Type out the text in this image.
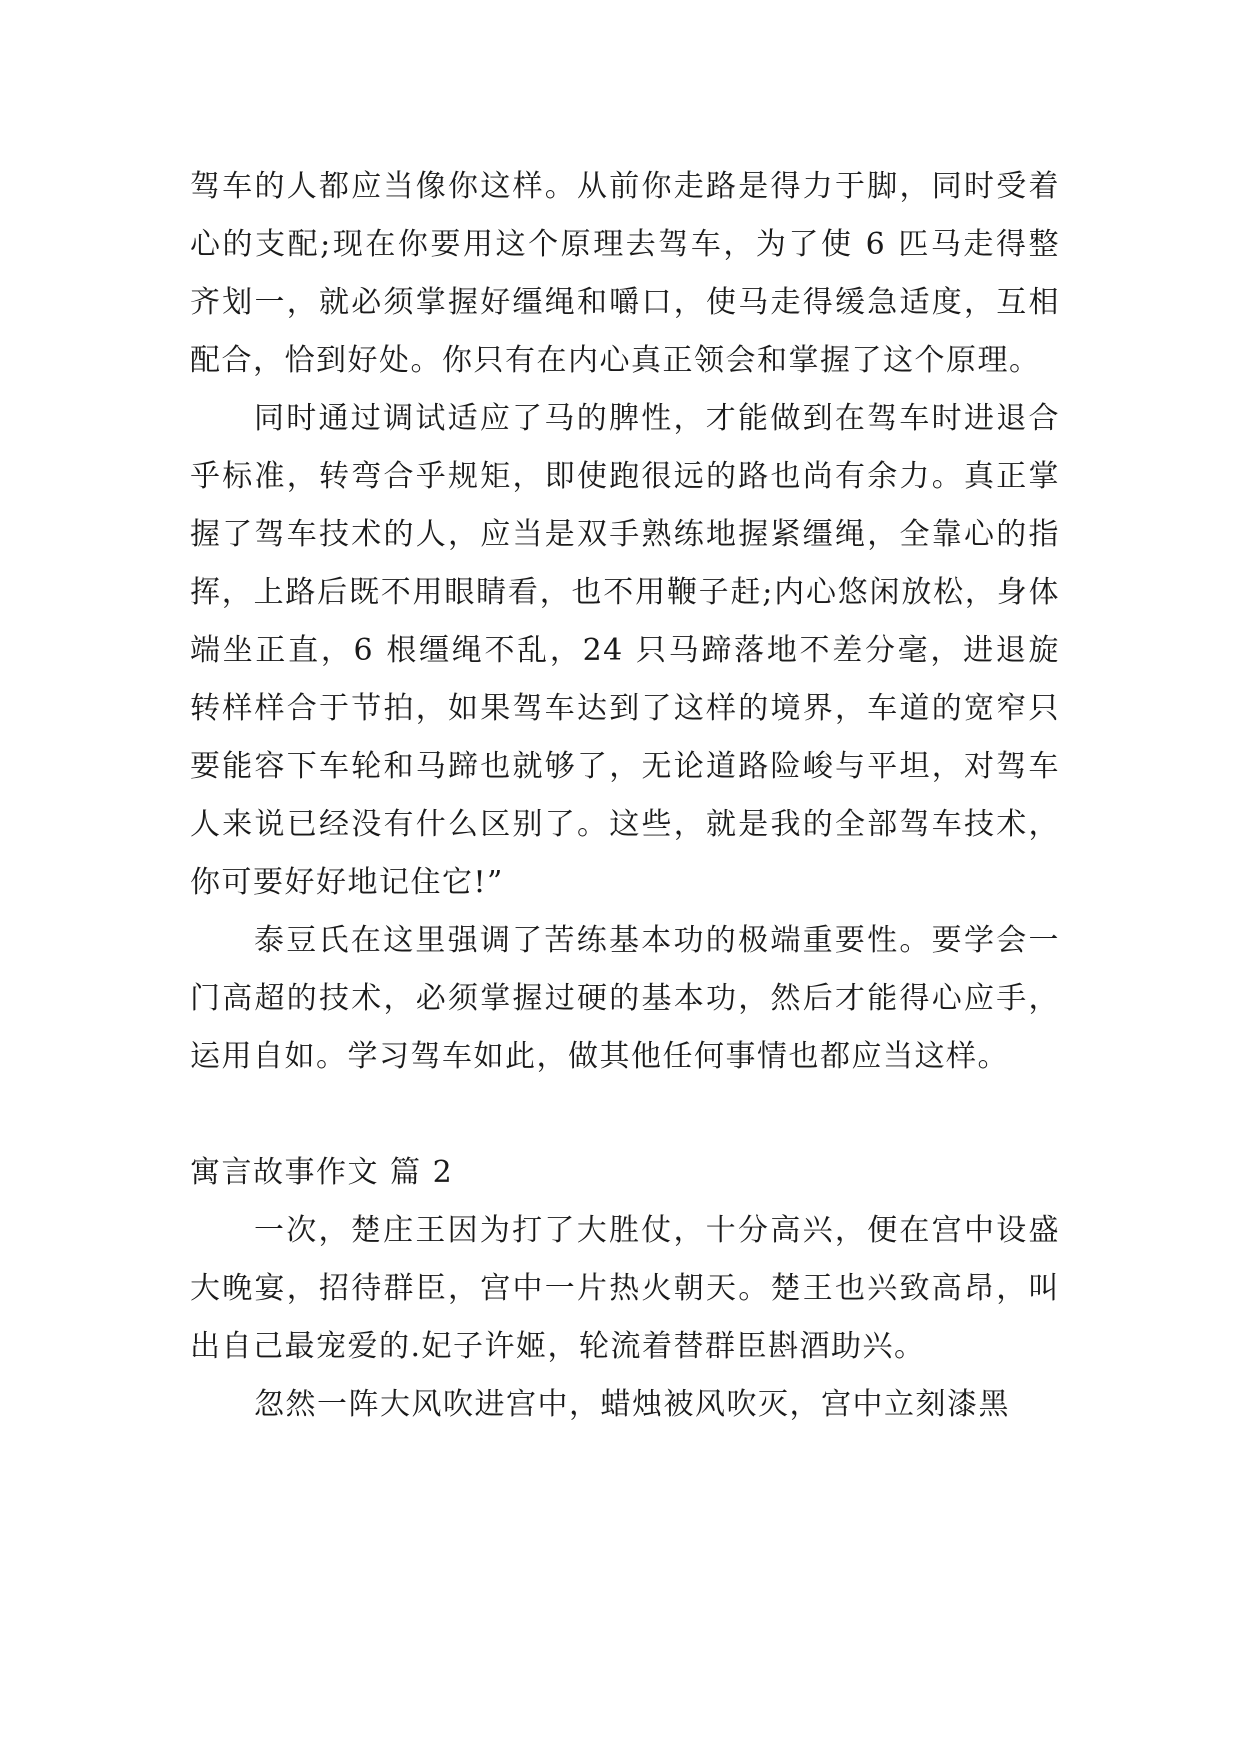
驾车的人都应当像你这样。从前你走路是得力于脚，同时受着心的支配;现在你要用这个原理去驾车，为了使 6 匹马走得整齐划一，就必须掌握好缰绳和嚼口，使马走得缓急适度，互相配合，恰到好处。你只有在内心真正领会和掌握了这个原理。

同时通过调试适应了马的脾性，才能做到在驾车时进退合乎标准，转弯合乎规矩，即使跑很远的路也尚有余力。真正掌握了驾车技术的人，应当是双手熟练地握紧缰绳，全靠心的指挥，上路后既不用眼睛看，也不用鞭子赶;内心悠闲放松，身体端坐正直，6 根缰绳不乱，24 只马蹄落地不差分毫，进退旋转样样合于节拍，如果驾车达到了这样的境界，车道的宽窄只要能容下车轮和马蹄也就够了，无论道路险峻与平坦，对驾车人来说已经没有什么区别了。这些，就是我的全部驾车技术，你可要好好地记住它!”

泰豆氏在这里强调了苦练基本功的极端重要性。要学会一门高超的技术，必须掌握过硬的基本功，然后才能得心应手，运用自如。学习驾车如此，做其他任何事情也都应当这样。

寓言故事作文 篇 2

一次，楚庄王因为打了大胜仗，十分高兴，便在宫中设盛大晚宴，招待群臣，宫中一片热火朝天。楚王也兴致高昂，叫出自己最宠爱的.妃子许姬，轮流着替群臣斟酒助兴。

忽然一阵大风吹进宫中，蜡烛被风吹灭，宫中立刻漆黑
